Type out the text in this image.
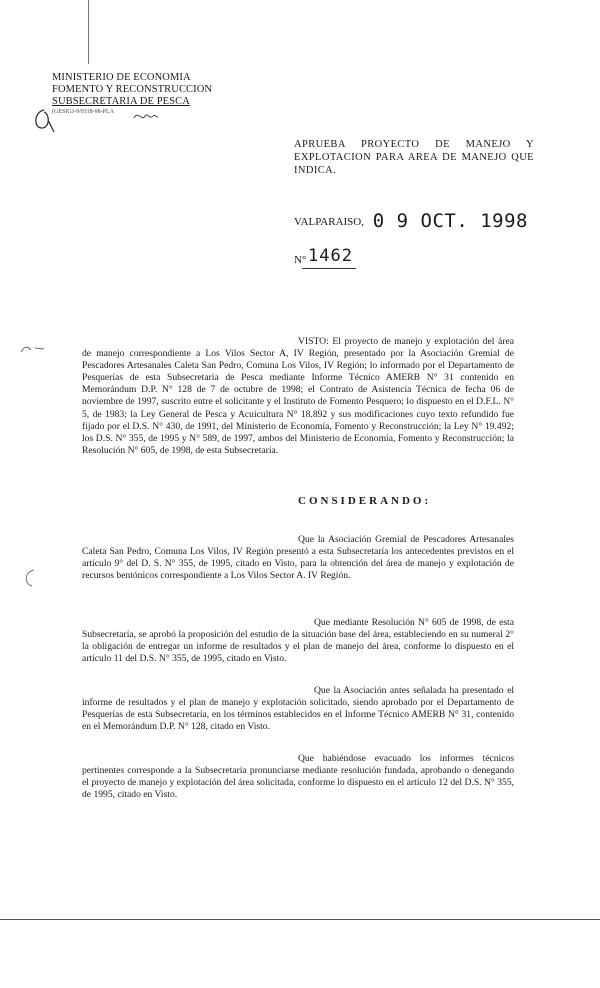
MINISTERIO DE ECONOMIA
FOMENTO Y RECONSTRUCCION
SUBSECRETARIA DE PESCA
(GESIGJ-9/0318-98-PLA
APRUEBA PROYECTO DE MANEJO Y EXPLOTACION PARA AREA DE MANEJO QUE INDICA.
VALPARAISO, 0 9 OCT. 1998
N° 1462
VISTO: El proyecto de manejo y explotación del área de manejo correspondiente a Los Vilos Sector A, IV Región, presentado por la Asociación Gremial de Pescadores Artesanales Caleta San Pedro, Comuna Los Vilos, IV Región; lo informado por el Departamento de Pesquerías de esta Subsecretaría de Pesca mediante Informe Técnico AMERB N° 31 contenido en Memorándum D.P. N° 128 de 7 de octubre de 1998; el Contrato de Asistencia Técnica de fecha 06 de noviembre de 1997, suscrito entre el solicitante y el Instituto de Fomento Pesquero; lo dispuesto en el D.F.L. N° 5, de 1983; la Ley General de Pesca y Acuicultura N° 18.892 y sus modificaciones cuyo texto refundido fue fijado por el D.S. N° 430, de 1991, del Ministerio de Economía, Fomento y Reconstrucción; la Ley N° 19.492; los D.S. N° 355, de 1995 y N° 589, de 1997, ambos del Ministerio de Economía, Fomento y Reconstrucción; la Resolución N° 605, de 1998, de esta Subsecretaría.
CONSIDERANDO:
Que la Asociación Gremial de Pescadores Artesanales Caleta San Pedro, Comuna Los Vilos, IV Región presentó a esta Subsecretaría los antecedentes previstos en el artículo 9° del D. S. N° 355, de 1995, citado en Visto, para la obtención del área de manejo y explotación de recursos bentónicos correspondiente a Los Vilos Sector A. IV Región.
Que mediante Resolución N° 605 de 1998, de esta Subsecretaría, se aprobó la proposición del estudio de la situación base del área, estableciendo en su numeral 2° la obligación de entregar un informe de resultados y el plan de manejo del área, conforme lo dispuesto en el artículo 11 del D.S. N° 355, de 1995, citado en Visto.
Que la Asociación antes señalada ha presentado el informe de resultados y el plan de manejo y explotación solicitado, siendo aprobado por el Departamento de Pesquerías de esta Subsecretaría, en los términos establecidos en el Informe Técnico AMERB N° 31, contenido en el Memorándum D.P. N° 128, citado en Visto.
Que habiéndose evacuado los informes técnicos pertinentes corresponde a la Subsecretaría pronunciarse mediante resolución fundada, aprobando o denegando el proyecto de manejo y explotación del área solicitada, conforme lo dispuesto en el artículo 12 del D.S. N° 355, de 1995, citado en Visto.
